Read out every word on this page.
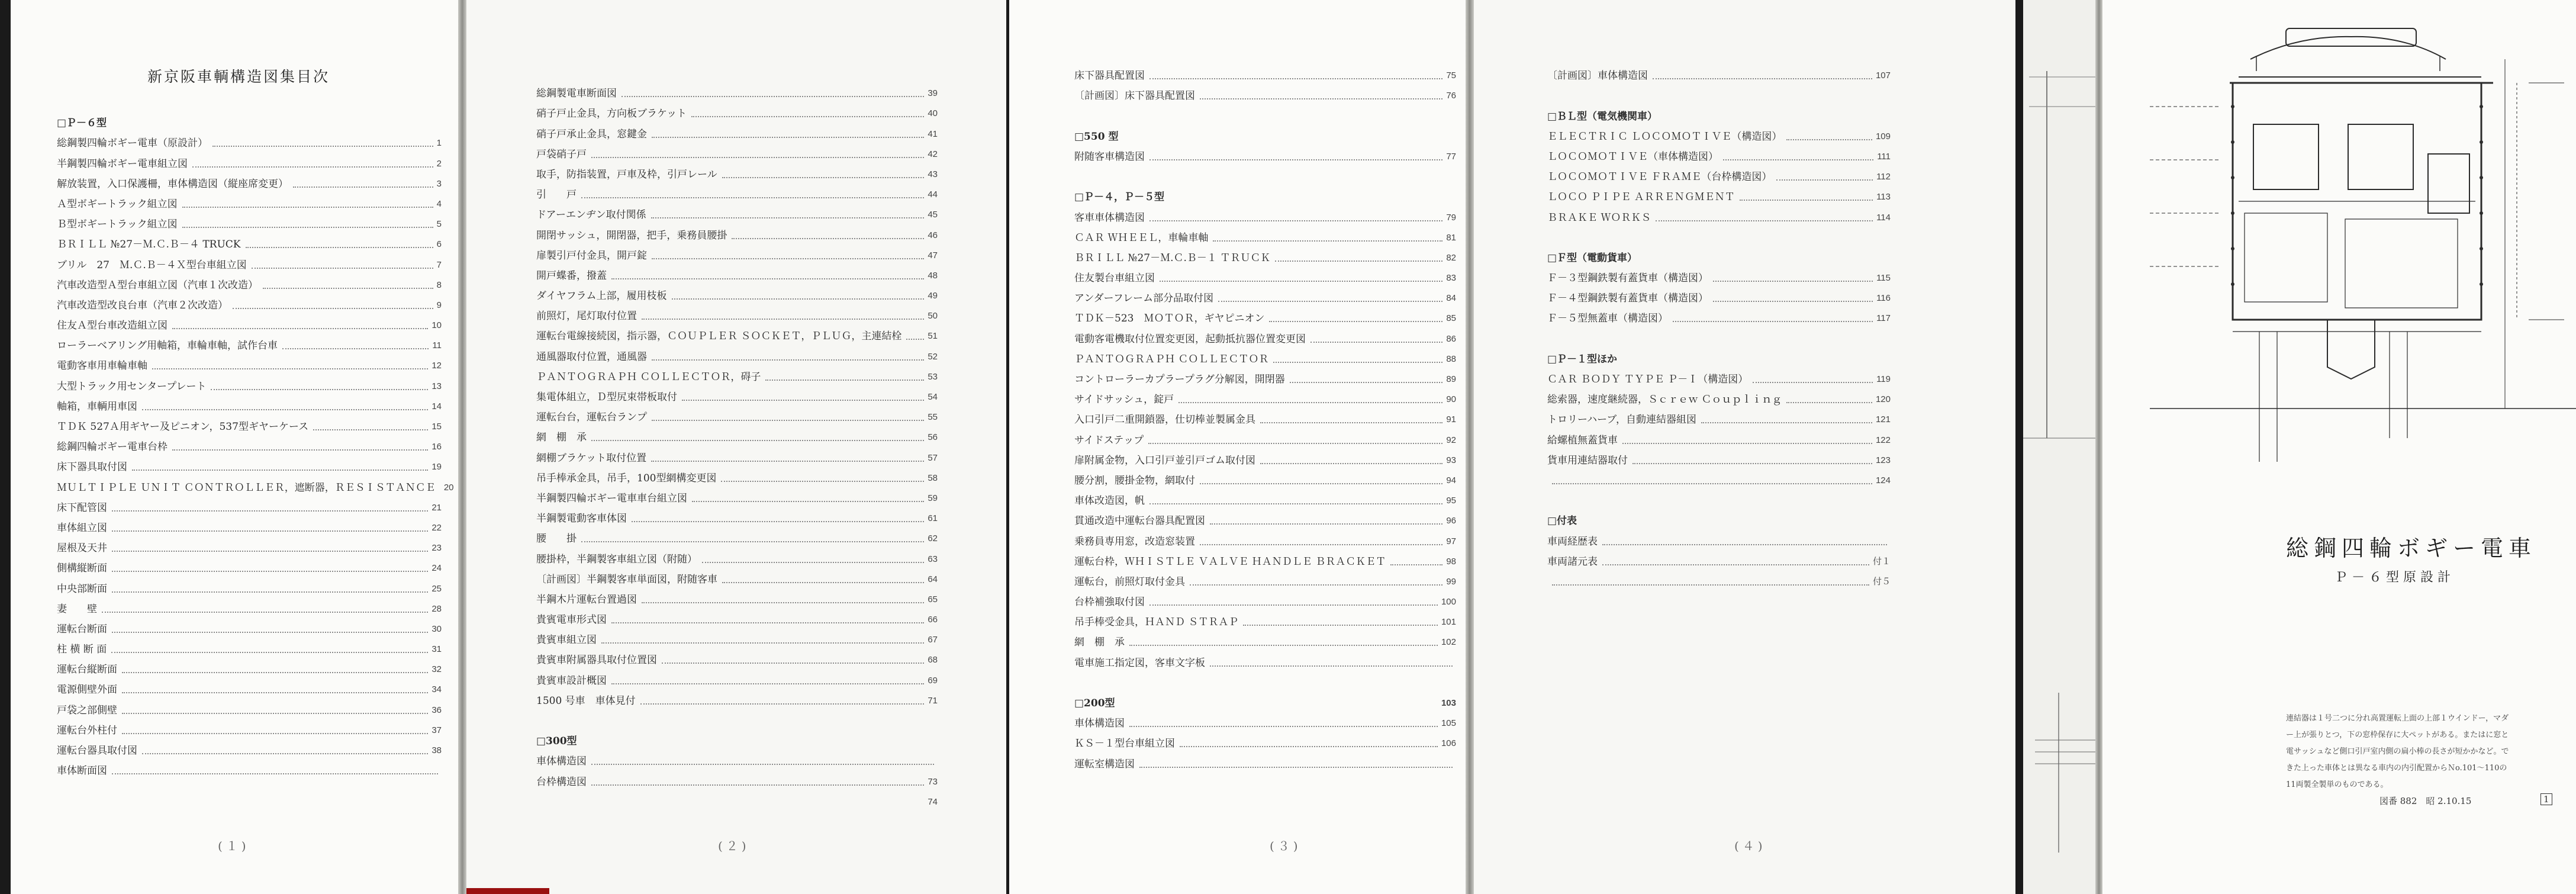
新京阪車輌構造図集目次
□Ｐ－６型
総鋼製四輪ボギー電車（原設計）	1
半鋼製四輪ボギー電車組立図	2
解放装置，入口保護柵，車体構造図（縦座席変更）	3
Ａ型ボギートラック組立図	4
Ｂ型ボギートラック組立図	5
ＢＲＩＬＬ №27－Ｍ.Ｃ.Ｂ－４ TRUCK	6
ブリル　27　Ｍ.Ｃ.Ｂ－４Ｘ型台車組立図	7
汽車改造型Ａ型台車組立図（汽車１次改造）	8
汽車改造型改良台車（汽車２次改造）	9
住友Ａ型台車改造組立図	10
ローラーベアリング用軸箱，車輪車軸，試作台車	11
電動客車用車輪車軸	12
大型トラック用センタープレート	13
軸箱，車輌用車図	14
ＴＤＫ 527Ａ用ギヤー及ピニオン，537型ギヤーケース	15
総鋼四輪ボギー電車台枠	16
床下器具取付図	19
ＭＵＬＴＩＰＬＥ ＵＮＩＴ ＣＯＮＴＲＯＬＬＥＲ，遮断器，ＲＥＳＩＳＴＡＮＣＥ 20
床下配管図	21
車体組立図	22
屋根及天井	23
側構縦断面	24
中央部断面	25
妻　　壁	28
運転台断面	30
柱 横 断 面	31
運転台縦断面	32
電源側壁外面	34
戸袋之部側壁	36
運転台外柱付	37
運転台器具取付図	38
車体断面図
(１)
総鋼製電車断面図	39
硝子戸止金具，方向板ブラケット	40
硝子戸承止金具，窓鍵金	41
戸袋硝子戸	42
取手，防指装置，戸車及枠，引戸レール	43
引　　戸	44
ドアーエンヂン取付関係	45
開閉サッシュ，開閉器，把手，乗務員腰掛	46
扉製引戸付金具，開戸錠	47
開戸蝶番，撥蓋	48
ダイヤフラム上部，履用枝板	49
前照灯，尾灯取付位置	50
運転台電線接続図，指示器，ＣＯＵＰＬＥＲ ＳＯＣＫＥＴ，ＰＬＵＧ，主連結栓	51
通風器取付位置，通風器	52
ＰＡＮＴＯＧＲＡＰＨ ＣＯＬＬＥＣＴＯＲ，碍子	53
集電体組立，Ｄ型尻束帯板取付	54
運転台台，運転台ランプ	55
網　棚　承	56
網棚ブラケット取付位置	57
吊手棒承金具，吊手，100型網構変更図	58
半鋼製四輪ボギー電車車台組立図	59
半鋼製電動客車体図	61
腰　　掛	62
腰掛枠，半鋼製客車組立図（附随）	63
〔計画図〕半鋼製客車単面図，附随客車	64
半鋼木片運転台置過図	65
貴賓電車形式図	66
貴賓車組立図	67
貴賓車附属器具取付位置図	68
貴賓車設計概図	69
1500 号車　車体見付	71
□300型
車体構造図
台枠構造図	73
74
(２)
床下器具配置図	75
〔計画図〕床下器具配置図	76
□550 型
附随客車構造図	77
□Ｐ－４，Ｐ－５型
客車車体構造図	79
ＣＡＲ ＷＨＥＥＬ，車輪車軸	81
ＢＲＩＬＬ №27－Ｍ.Ｃ.Ｂ－１ ＴＲＵＣＫ	82
住友製台車組立図	83
アンダーフレーム部分品取付図	84
ＴＤＫ－523　ＭＯＴＯＲ，ギヤピニオン	85
電動客電機取付位置変更図，起動抵抗器位置変更図	86
ＰＡＮＴＯＧＲＡＰＨ ＣＯＬＬＥＣＴＯＲ	88
コントローラーカプラープラグ分解図，開閉器	89
サイドサッシュ，錠戸	90
入口引戸二重開鎖器，仕切棒並製属金具	91
サイドステップ	92
扉附属金物，入口引戸並引戸ゴム取付図	93
腰分割，腰掛金物，網取付	94
車体改造図，帆	95
貫通改造中運転台器具配置図	96
乗務員専用窓，改造窓装置	97
運転台枠，ＷＨＩＳＴＬＥ ＶＡＬＶＥ ＨＡＮＤＬＥ ＢＲＡＣＫＥＴ	98
運転台，前照灯取付金具	99
台枠補強取付図	100
吊手棒受金具，ＨＡＮＤ ＳＴＲＡＰ	101
網　棚　承	102
電車施工指定図，客車文字板
□200型	103
車体構造図	105
ＫＳ－１型台車組立図	106
運転室構造図
(３)
〔計画図〕車体構造図	107
□ＢＬ型（電気機関車）
ＥＬＥＣＴＲＩＣ ＬＯＣＯＭＯＴＩＶＥ（構造図）	109
ＬＯＣＯＭＯＴＩＶＥ（車体構造図）	111
ＬＯＣＯＭＯＴＩＶＥ ＦＲＡＭＥ（台枠構造図）	112
ＬＯＣＯ ＰＩＰＥ ＡＲＲＥＮＧＭＥＮＴ	113
ＢＲＡＫＥ ＷＯＲＫＳ	114
□Ｆ型（電動貨車）
Ｆ－３型鋼鉄製有蓋貨車（構造図）	115
Ｆ－４型鋼鉄製有蓋貨車（構造図）	116
Ｆ－５型無蓋車（構造図）	117
□Ｐ－１型ほか
ＣＡＲ ＢＯＤＹ ＴＹＰＥ Ｐ－Ｉ（構造図）	119
総索器，速度継続器，Ｓｃｒｅｗ Ｃｏｕｐｌｉｎｇ	120
トロリーハーブ，自動連結器組図	121
給螺植無蓋貨車	122
貨車用連結器取付	123
124
□付表
車両経歴表
車両諸元表	付１
付５
(４)
総鋼四輪ボギー電車
Ｐ－６型原設計
連結器は１号二つに分れ高置運転上面の上部１ウインドー，マダー上が張りとつ，下の窓枠保存に大ペットがある。またはに窓と電サッシュなど側口引戸室内側の扁小棒の長さが短かかなど。できた上った車体とは異なる車内の内引配置からＮo.101～110の11両製全製単のものである。
図番 882　昭 2.10.15	1
